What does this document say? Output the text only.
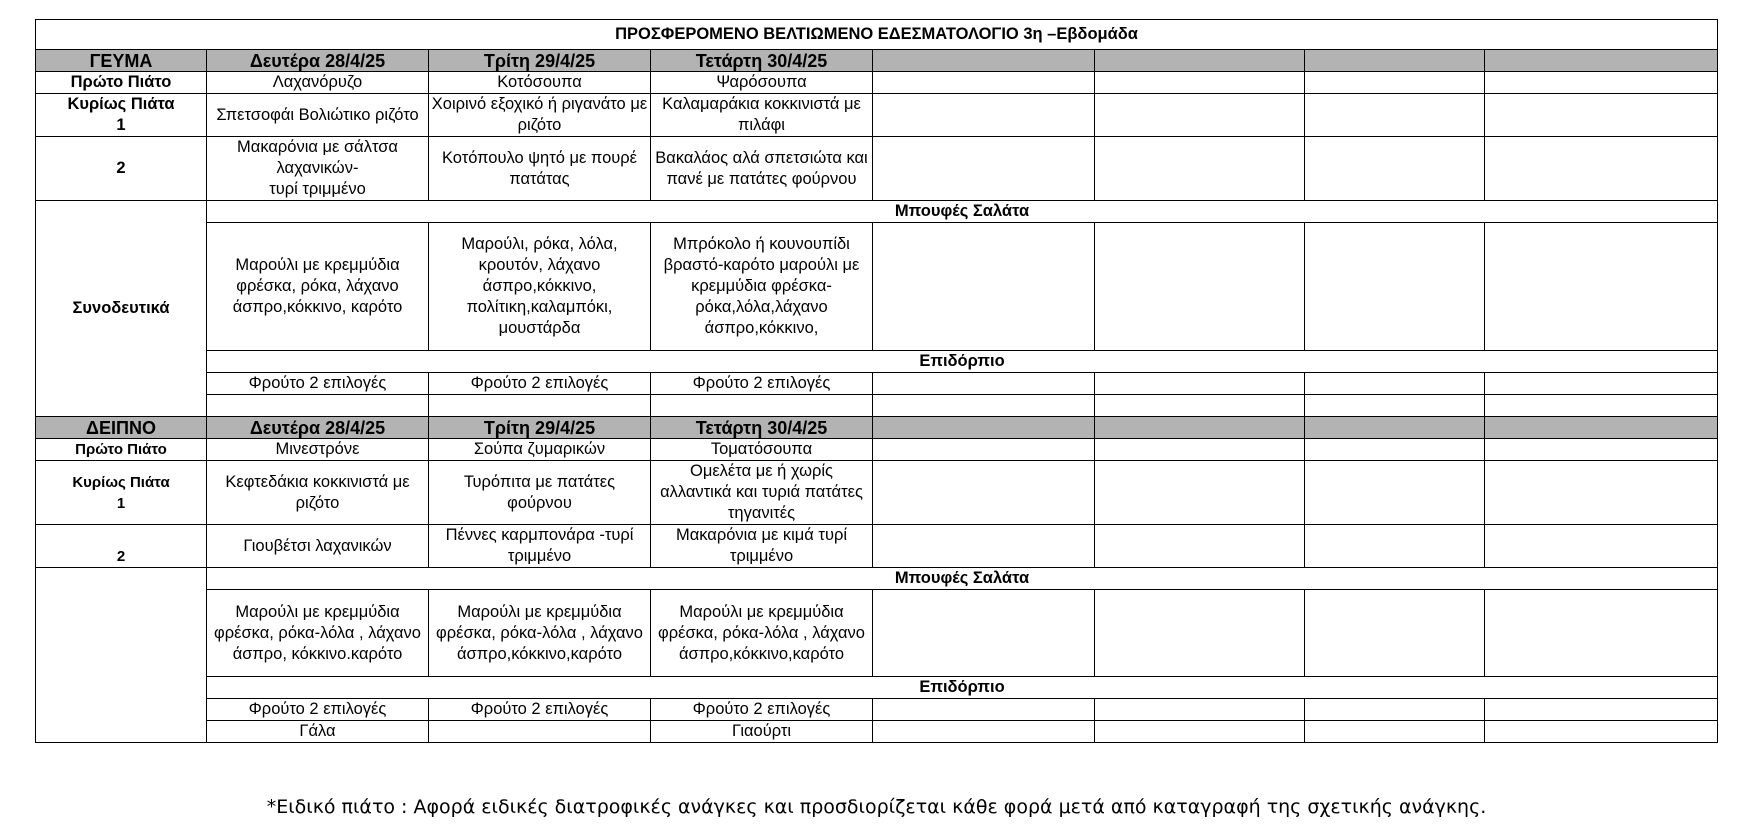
ΠΡΟΣΦΕΡΟΜΕΝΟ ΒΕΛΤΙΩΜΕΝΟ ΕΔΕΣΜΑΤΟΛΟΓΙΟ 3η –Εβδομάδα							
ΓΕΥΜΑ	Δευτέρα 28/4/25	Τρίτη 29/4/25	Τετάρτη 30/4/25				
Πρώτο Πιάτο	Λαχανόρυζο	Κοτόσουπα	Ψαρόσουπα				
Κυρίως Πιάτα
1	Σπετσοφάι Βολιώτικο ριζότο	Χοιρινό εξοχικό ή ριγανάτο με ριζότο	Καλαμαράκια κοκκινιστά με πιλάφι				
2	Μακαρόνια με σάλτσα λαχανικών-
τυρί τριμμένο	Κοτόπουλο ψητό με πουρέ πατάτας	Βακαλάος αλά σπετσιώτα και πανέ με πατάτες φούρνου				
Συνοδευτικά	Μπουφές Σαλάτα						
	Μαρούλι με κρεμμύδια φρέσκα, ρόκα, λάχανο άσπρο,κόκκινο, καρότο	Μαρούλι, ρόκα, λόλα, κρουτόν, λάχανο άσπρο,κόκκινο, πολίτικη,καλαμπόκι, μουστάρδα	Μπρόκολο ή κουνουπίδι βραστό-καρότο μαρούλι με κρεμμύδια φρέσκα-ρόκα,λόλα,λάχανο άσπρο,κόκκινο,				
	Επιδόρπιο						
	Φρούτο 2 επιλογές	Φρούτο 2 επιλογές	Φρούτο 2 επιλογές				

ΔΕΙΠΝΟ	Δευτέρα 28/4/25	Τρίτη 29/4/25	Τετάρτη 30/4/25				
Πρώτο Πιάτο	Μινεστρόνε	Σούπα ζυμαρικών	Τοματόσουπα				
Κυρίως Πιάτα
1	Κεφτεδάκια κοκκινιστά με ριζότο	Τυρόπιτα με πατάτες φούρνου	Ομελέτα με ή χωρίς αλλαντικά και τυριά πατάτες τηγανιτές				
2	Γιουβέτσι λαχανικών	Πέννες καρμπονάρα -τυρί τριμμένο	Μακαρόνια με κιμά τυρί τριμμένο				
	Μπουφές Σαλάτα						
	Μαρούλι με κρεμμύδια φρέσκα, ρόκα-λόλα , λάχανο άσπρο, κόκκινο.καρότο	Μαρούλι με κρεμμύδια φρέσκα, ρόκα-λόλα , λάχανο άσπρο,κόκκινο,καρότο	Μαρούλι με κρεμμύδια φρέσκα, ρόκα-λόλα , λάχανο άσπρο,κόκκινο,καρότο				
	Επιδόρπιο						
	Φρούτο 2 επιλογές	Φρούτο 2 επιλογές	Φρούτο 2 επιλογές				
	Γάλα		Γιαούρτι				
*Ειδικό πιάτο : Αφορά ειδικές διατροφικές ανάγκες και προσδιορίζεται κάθε φορά μετά από καταγραφή της σχετικής ανάγκης.
